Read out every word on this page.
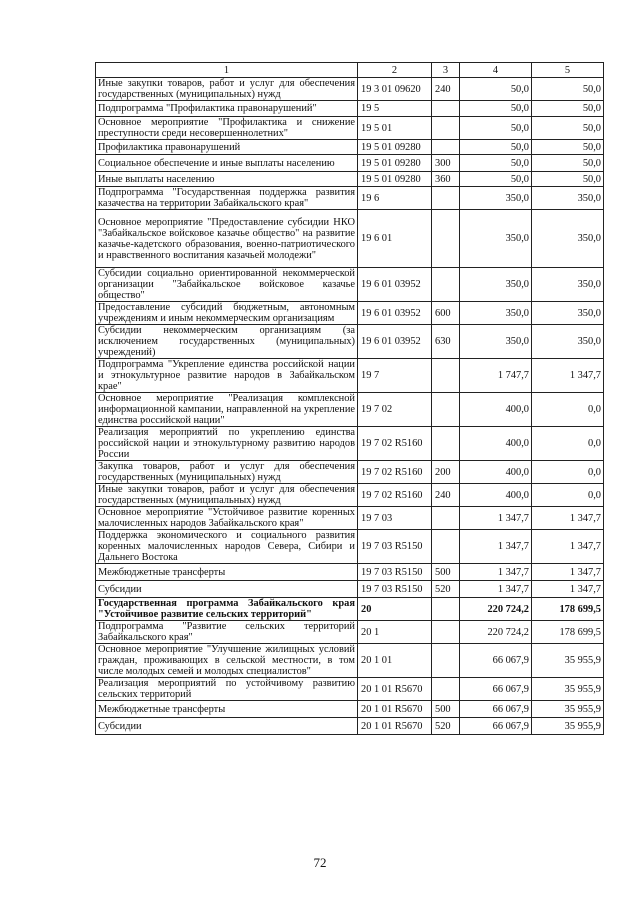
1	2	3	4	5
Иные закупки товаров, работ и услуг для обеспечения государственных (муниципальных) нужд	19 3 01 09620	240	50,0	50,0
Подпрограмма "Профилактика правонарушений"	19 5		50,0	50,0
Основное мероприятие "Профилактика и снижение преступности среди несовершеннолетних"	19 5 01		50,0	50,0
Профилактика правонарушений	19 5 01 09280		50,0	50,0
Социальное обеспечение и иные выплаты населению	19 5 01 09280	300	50,0	50,0
Иные выплаты населению	19 5 01 09280	360	50,0	50,0
Подпрограмма "Государственная поддержка развития казачества на территории Забайкальского края"	19 6		350,0	350,0
Основное мероприятие "Предоставление субсидии НКО "Забайкальское войсковое казачье общество" на развитие казачье-кадетского образования, военно-патриотического и нравственного воспитания казачьей молодежи"	19 6 01		350,0	350,0
Субсидии социально ориентированной некоммерческой организации "Забайкальское войсковое казачье общество"	19 6 01 03952		350,0	350,0
Предоставление субсидий бюджетным, автономным учреждениям и иным некоммерческим организациям	19 6 01 03952	600	350,0	350,0
Субсидии некоммерческим организациям (за исключением государственных (муниципальных) учреждений)	19 6 01 03952	630	350,0	350,0
Подпрограмма "Укрепление единства российской нации и этнокультурное развитие народов в Забайкальском крае"	19 7		1 747,7	1 347,7
Основное мероприятие "Реализация комплексной информационной кампании, направленной на укрепление единства российской нации"	19 7 02		400,0	0,0
Реализация мероприятий по укреплению единства российской нации и этнокультурному развитию народов России	19 7 02 R5160		400,0	0,0
Закупка товаров, работ и услуг для обеспечения государственных (муниципальных) нужд	19 7 02 R5160	200	400,0	0,0
Иные закупки товаров, работ и услуг для обеспечения государственных (муниципальных) нужд	19 7 02 R5160	240	400,0	0,0
Основное мероприятие "Устойчивое развитие коренных малочисленных народов Забайкальского края"	19 7 03		1 347,7	1 347,7
Поддержка экономического и социального развития коренных малочисленных народов Севера, Сибири и Дальнего Востока	19 7 03 R5150		1 347,7	1 347,7
Межбюджетные трансферты	19 7 03 R5150	500	1 347,7	1 347,7
Субсидии	19 7 03 R5150	520	1 347,7	1 347,7
Государственная программа Забайкальского края "Устойчивое развитие сельских территорий"	20		220 724,2	178 699,5
Подпрограмма "Развитие сельских территорий Забайкальского края"	20 1		220 724,2	178 699,5
Основное мероприятие "Улучшение жилищных условий граждан, проживающих в сельской местности, в том числе молодых семей и молодых специалистов"	20 1 01		66 067,9	35 955,9
Реализация мероприятий по устойчивому развитию сельских территорий	20 1 01 R5670		66 067,9	35 955,9
Межбюджетные трансферты	20 1 01 R5670	500	66 067,9	35 955,9
Субсидии	20 1 01 R5670	520	66 067,9	35 955,9
72
